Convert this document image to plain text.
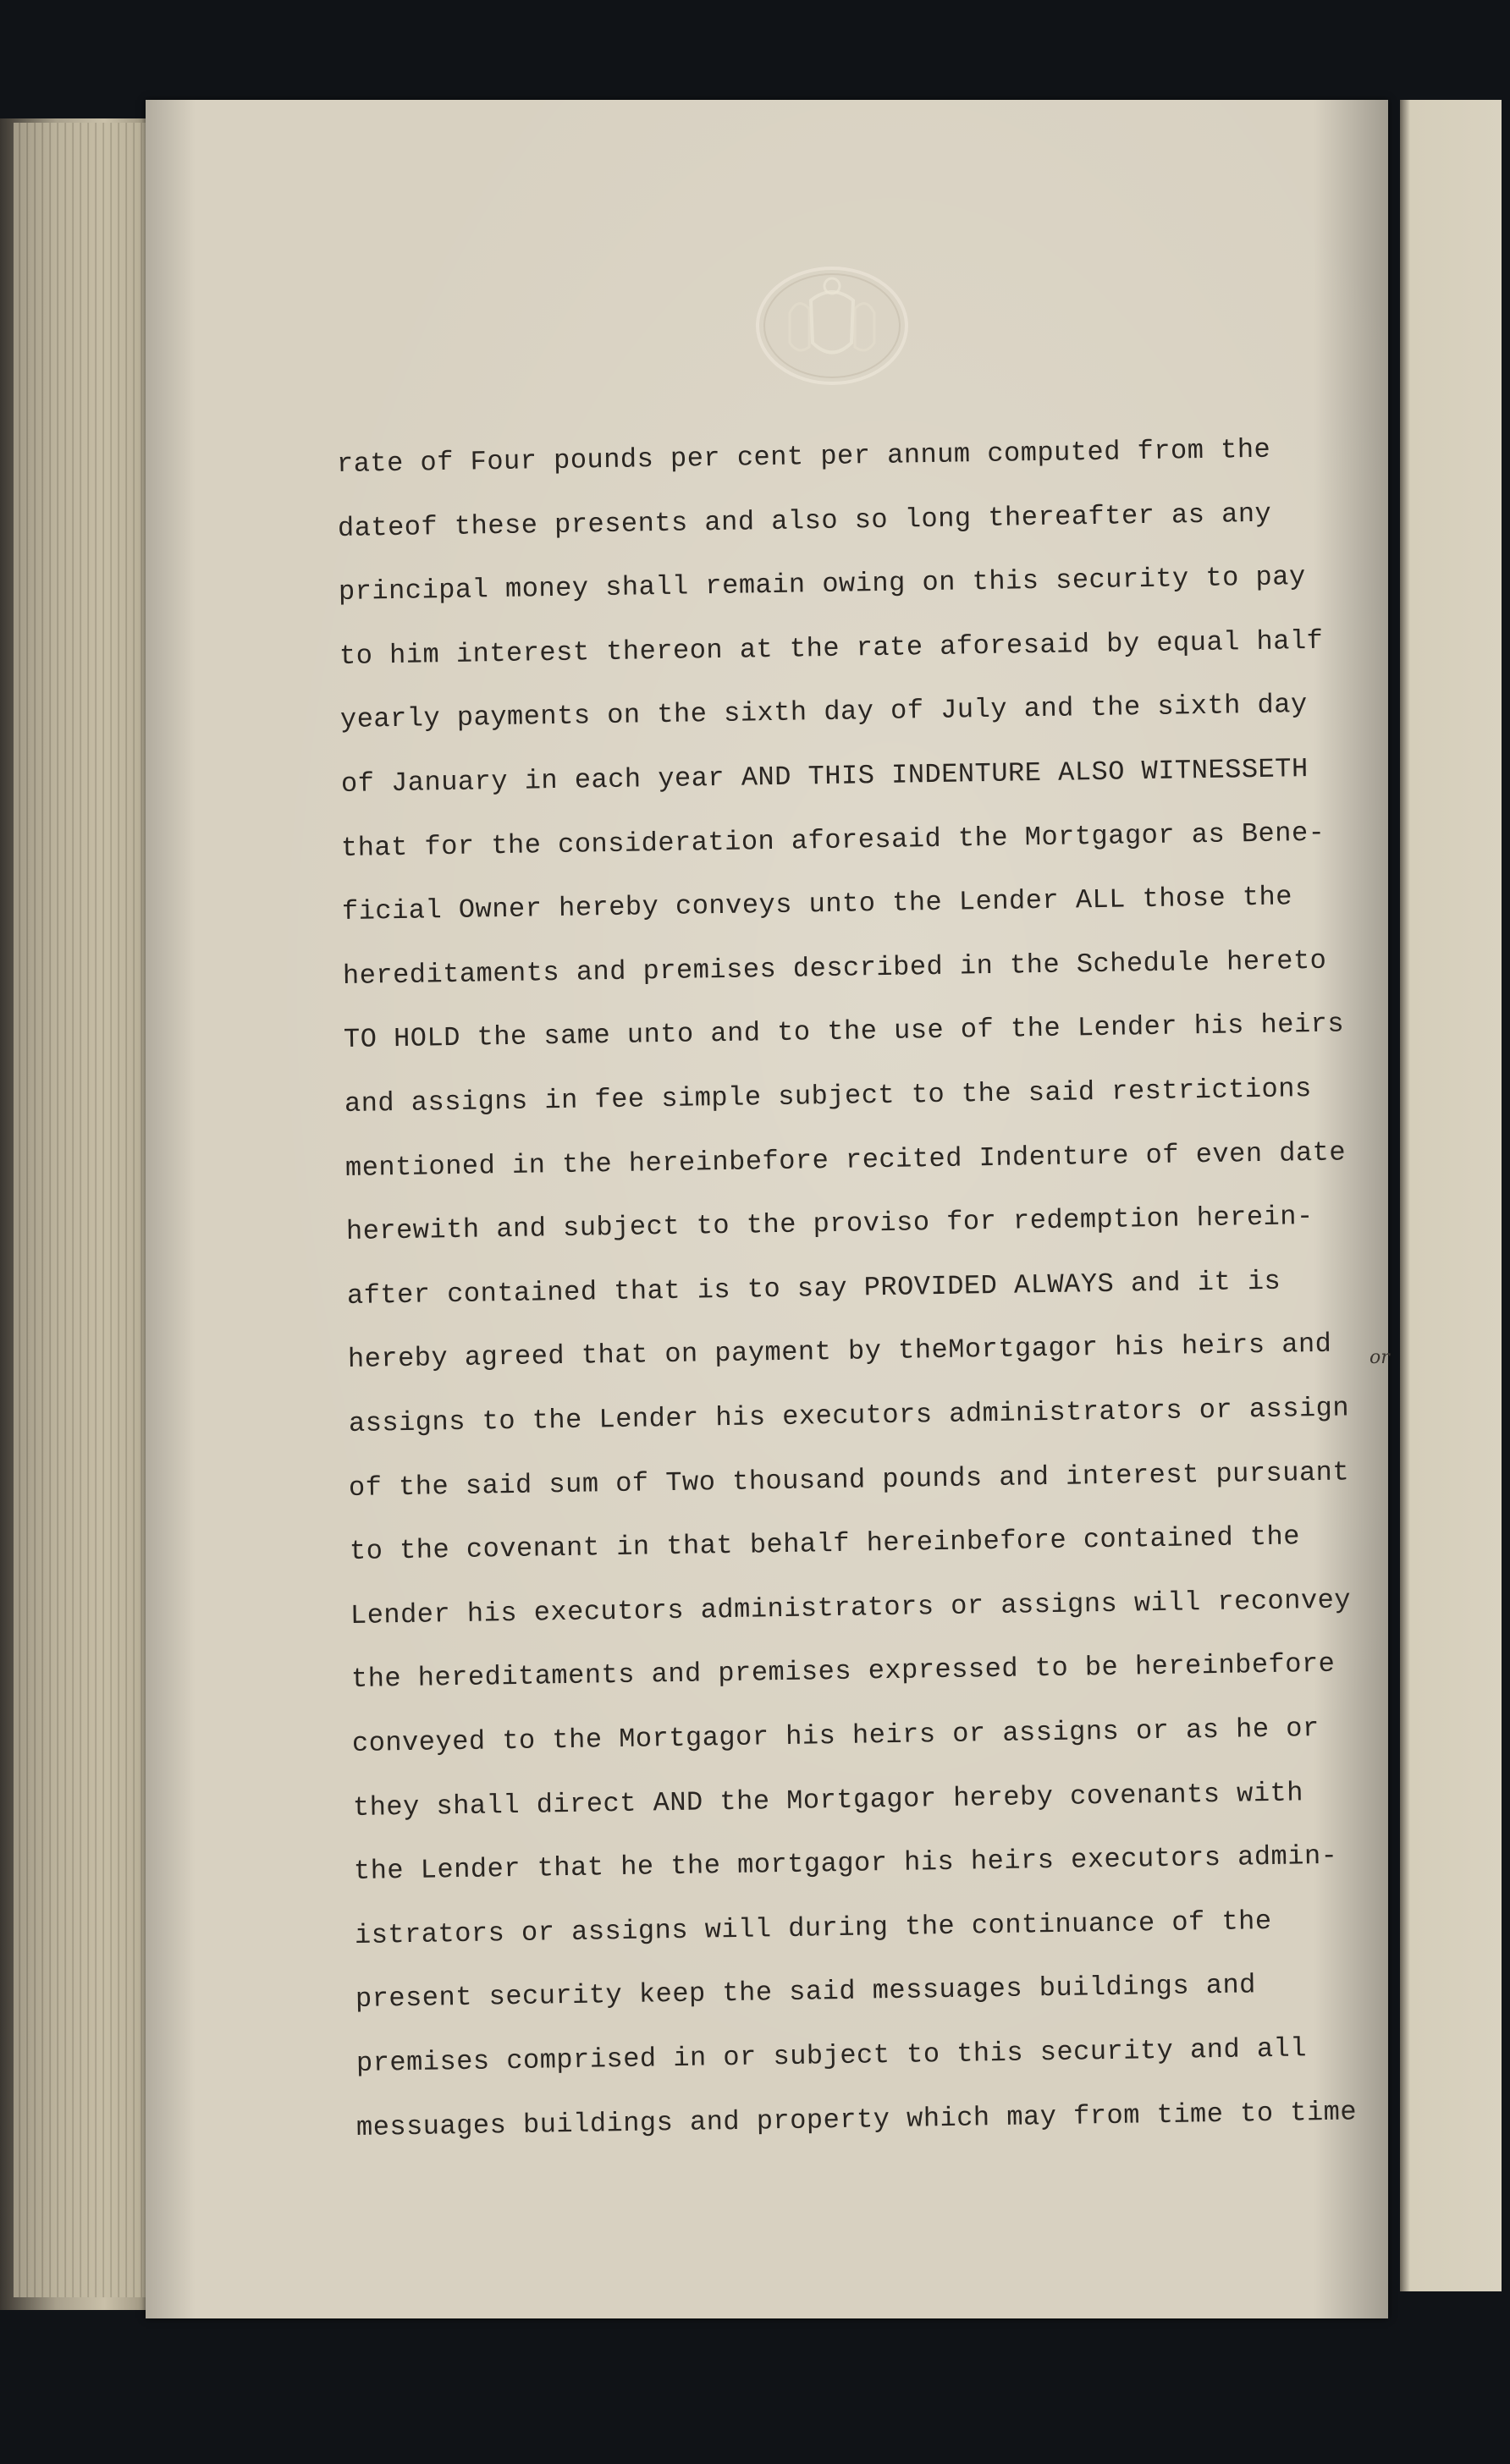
rate of Four pounds per cent per annum computed from the
dateof these presents and also so long thereafter as any
principal money shall remain owing on this security to pay
to him interest thereon at the rate aforesaid by equal half
yearly payments on the sixth day of July and the sixth day
of January in each year AND THIS INDENTURE ALSO WITNESSETH
that for the consideration aforesaid the Mortgagor as Bene-
ficial Owner hereby conveys unto the Lender ALL those the
hereditaments and premises described in the Schedule hereto
TO HOLD the same unto and to the use of the Lender his heirs
and assigns in fee simple subject to the said restrictions
mentioned in the hereinbefore recited Indenture of even date
herewith and subject to the proviso for redemption herein-
after contained that is to say PROVIDED ALWAYS and it is
hereby agreed that on payment by theMortgagor his heirs and
assigns to the Lender his executors administrators or assign
of the said sum of Two thousand pounds and interest pursuant
to the covenant in that behalf hereinbefore contained the
Lender his executors administrators or assigns will reconvey
the hereditaments and premises expressed to be hereinbefore
conveyed to the Mortgagor his heirs or assigns or as he or
they shall direct AND the Mortgagor hereby covenants with
the Lender that he the mortgagor his heirs executors admin-
istrators or assigns will during the continuance of the
present security keep the said messuages buildings and
premises comprised in or subject to this security and all
messuages buildings and property which may from time to time
or
